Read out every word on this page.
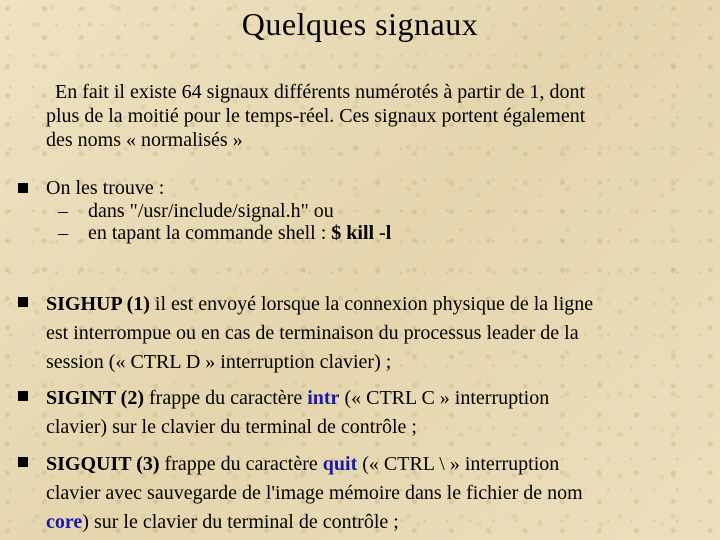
Quelques signaux
En fait il existe 64 signaux différents numérotés à partir de 1, dont
plus de la moitié pour le temps-réel. Ces signaux portent également
des noms « normalisés »
On les trouve :
– dans "/usr/include/signal.h" ou
– en tapant la commande shell : $ kill -l
SIGHUP (1) il est envoyé lorsque la connexion physique de la ligne
est interrompue ou en cas de terminaison du processus leader de la
session (« CTRL D » interruption clavier) ;
SIGINT (2) frappe du caractère intr (« CTRL C » interruption
clavier) sur le clavier du terminal de contrôle ;
SIGQUIT (3) frappe du caractère quit (« CTRL \ » interruption
clavier avec sauvegarde de l'image mémoire dans le fichier de nom
core) sur le clavier du terminal de contrôle ;
